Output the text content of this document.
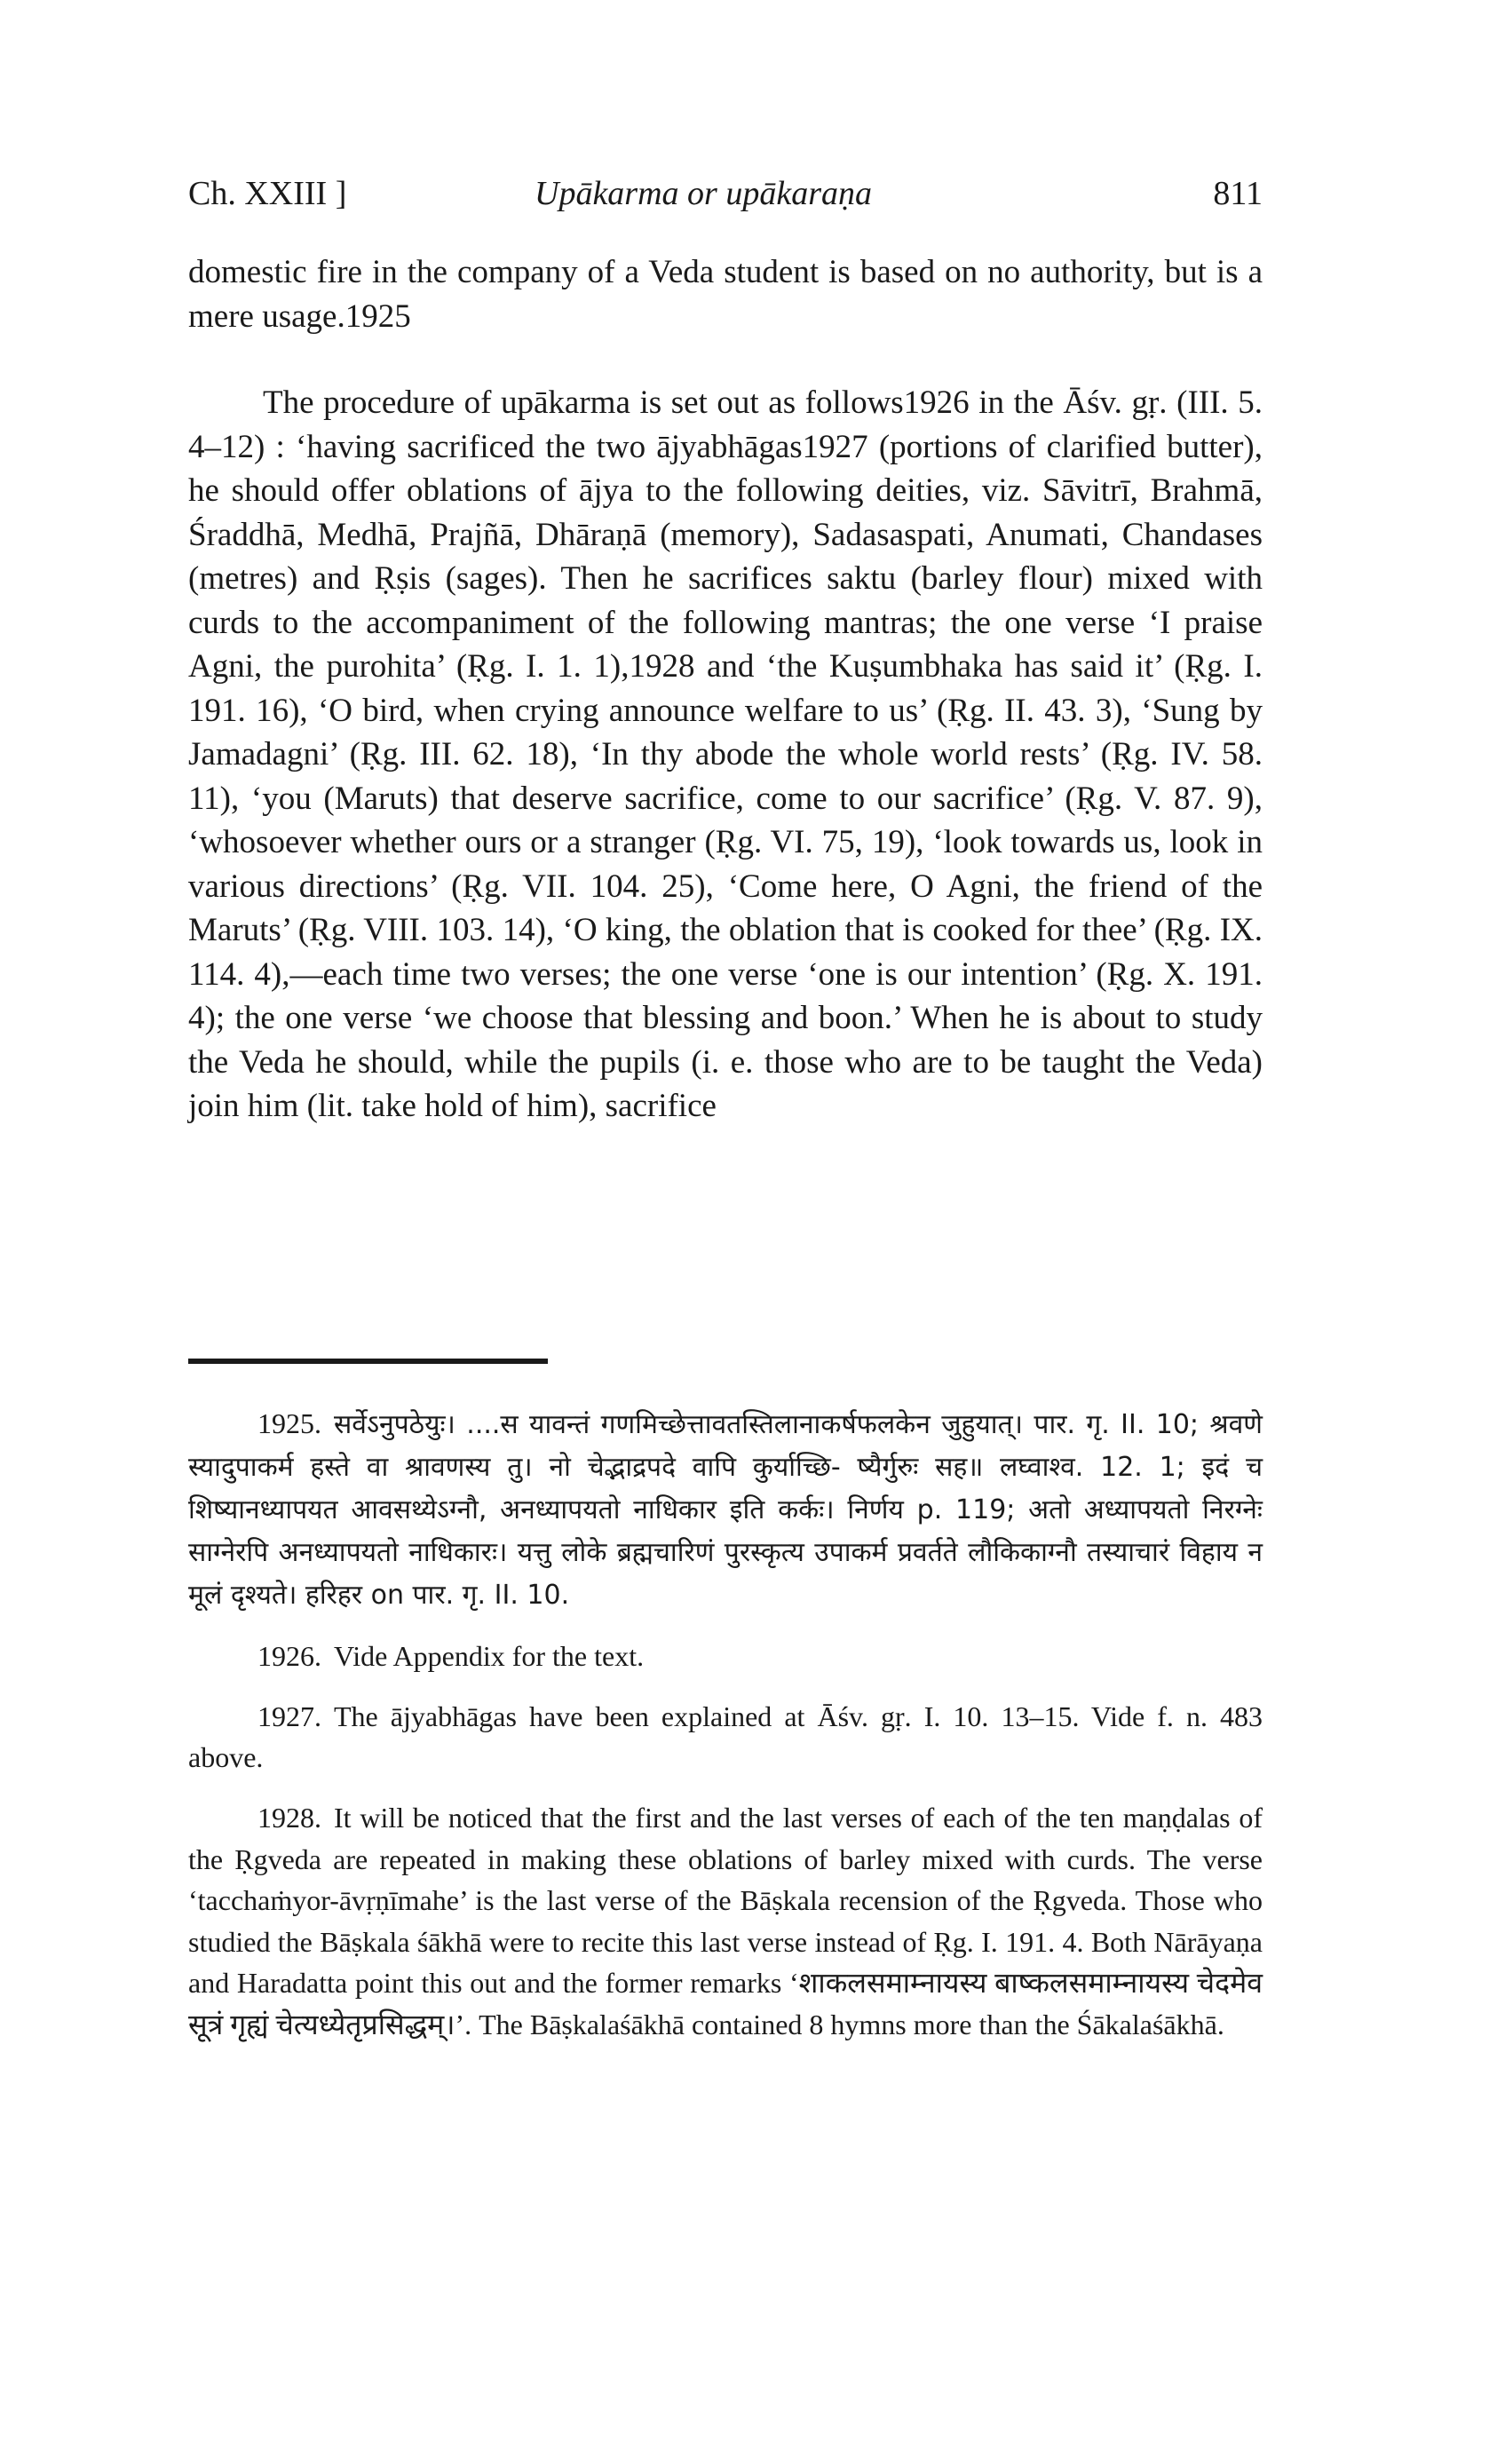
Ch. XXIII ]	Upākarma or upākaraṇa	811

domestic fire in the company of a Veda student is based on no authority, but is a mere usage.1925

The procedure of upākarma is set out as follows1926 in the Āśv. gṛ. (III. 5. 4–12) : ‘having sacrificed the two ājyabhāgas1927 (portions of clarified butter), he should offer oblations of ājya to the following deities, viz. Sāvitrī, Brahmā, Śraddhā, Medhā, Prajñā, Dhāraṇā (memory), Sadasaspati, Anumati, Chandases (metres) and Ṛṣis (sages). Then he sacrifices saktu (barley flour) mixed with curds to the accompaniment of the following mantras; the one verse ‘I praise Agni, the purohita’ (Ṛg. I. 1. 1),1928 and ‘the Kuṣumbhaka has said it’ (Ṛg. I. 191. 16), ‘O bird, when crying announce welfare to us’ (Ṛg. II. 43. 3), ‘Sung by Jamadagni’ (Ṛg. III. 62. 18), ‘In thy abode the whole world rests’ (Ṛg. IV. 58. 11), ‘you (Maruts) that deserve sacrifice, come to our sacrifice’ (Ṛg. V. 87. 9), ‘whosoever whether ours or a stranger (Ṛg. VI. 75, 19), ‘look towards us, look in various directions’ (Ṛg. VII. 104. 25), ‘Come here, O Agni, the friend of the Maruts’ (Ṛg. VIII. 103. 14), ‘O king, the oblation that is cooked for thee’ (Ṛg. IX. 114. 4),—each time two verses; the one verse ‘one is our intention’ (Ṛg. X. 191. 4); the one verse ‘we choose that blessing and boon.’ When he is about to study the Veda he should, while the pupils (i. e. those who are to be taught the Veda) join him (lit. take hold of him), sacrifice

1925. सर्वेऽनुपठेयुः। ....स यावन्तं गणमिच्छेत्तावतस्तिलानाकर्षफलकेन जुहुयात्। पार. गृ. II. 10; श्रवणे स्यादुपाकर्म हस्ते वा श्रावणस्य तु। नो चेद्भाद्रपदे वापि कुर्याच्छि- ष्यैर्गुरुः सह॥ लघ्वाश्व. 12. 1; इदं च शिष्यानध्यापयत आवसथ्येऽग्नौ, अनध्यापयतो नाधिकार इति कर्कः। निर्णय p. 119; अतो अध्यापयतो निरग्नेः साग्नेरपि अनध्यापयतो नाधिकारः। यत्तु लोके ब्रह्मचारिणं पुरस्कृत्य उपाकर्म प्रवर्तते लौकिकाग्नौ तस्याचारं विहाय न मूलं दृश्यते। हरिहर on पार. गृ. II. 10.

1926. Vide Appendix for the text.

1927. The ājyabhāgas have been explained at Āśv. gṛ. I. 10. 13–15. Vide f. n. 483 above.

1928. It will be noticed that the first and the last verses of each of the ten maṇḍalas of the Ṛgveda are repeated in making these oblations of barley mixed with curds. The verse ‘tacchaṁyor-āvṛṇīmahe’ is the last verse of the Bāṣkala recension of the Ṛgveda. Those who studied the Bāṣkala śākhā were to recite this last verse instead of Ṛg. I. 191. 4. Both Nārāyaṇa and Haradatta point this out and the former remarks ‘शाकलसमाम्नायस्य बाष्कलसमाम्नायस्य चेदमेव सूत्रं गृह्यं चेत्यध्येतृप्रसिद्धम्।’. The Bāṣkalaśākhā contained 8 hymns more than the Śākalaśākhā.
